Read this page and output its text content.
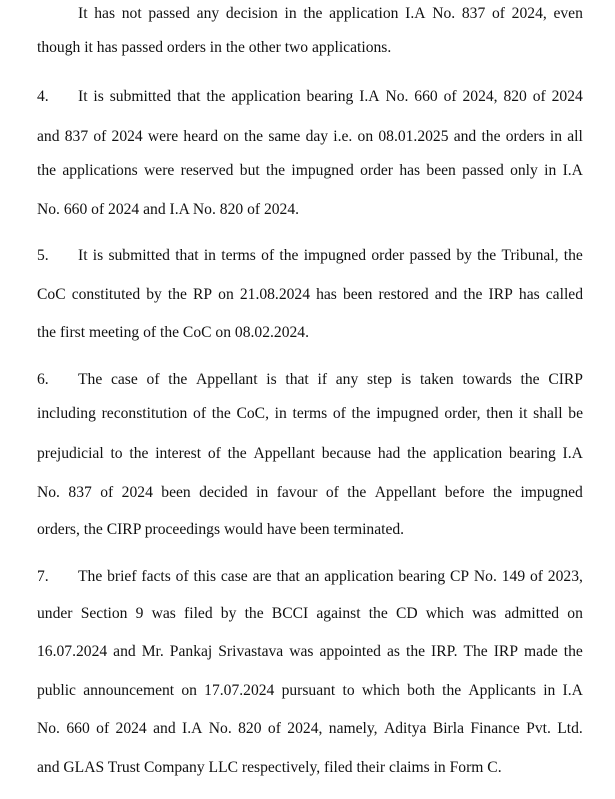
It has not passed any decision in the application I.A No. 837 of 2024, even
though it has passed orders in the other two applications.
4.	It is submitted that the application bearing I.A No. 660 of 2024, 820 of 2024
and 837 of 2024 were heard on the same day i.e. on 08.01.2025 and the orders in all
the applications were reserved but the impugned order has been passed only in I.A
No. 660 of 2024 and I.A No. 820 of 2024.
5.	It is submitted that in terms of the impugned order passed by the Tribunal, the
CoC constituted by the RP on 21.08.2024 has been restored and the IRP has called
the first meeting of the CoC on 08.02.2024.
6.	The case of the Appellant is that if any step is taken towards the CIRP
including reconstitution of the CoC, in terms of the impugned order, then it shall be
prejudicial to the interest of the Appellant because had the application bearing I.A
No. 837 of 2024 been decided in favour of the Appellant before the impugned
orders, the CIRP proceedings would have been terminated.
7.	The brief facts of this case are that an application bearing CP No. 149 of 2023,
under Section 9 was filed by the BCCI against the CD which was admitted on
16.07.2024 and Mr. Pankaj Srivastava was appointed as the IRP. The IRP made the
public announcement on 17.07.2024 pursuant to which both the Applicants in I.A
No. 660 of 2024 and I.A No. 820 of 2024, namely, Aditya Birla Finance Pvt. Ltd.
and GLAS Trust Company LLC respectively, filed their claims in Form C.
